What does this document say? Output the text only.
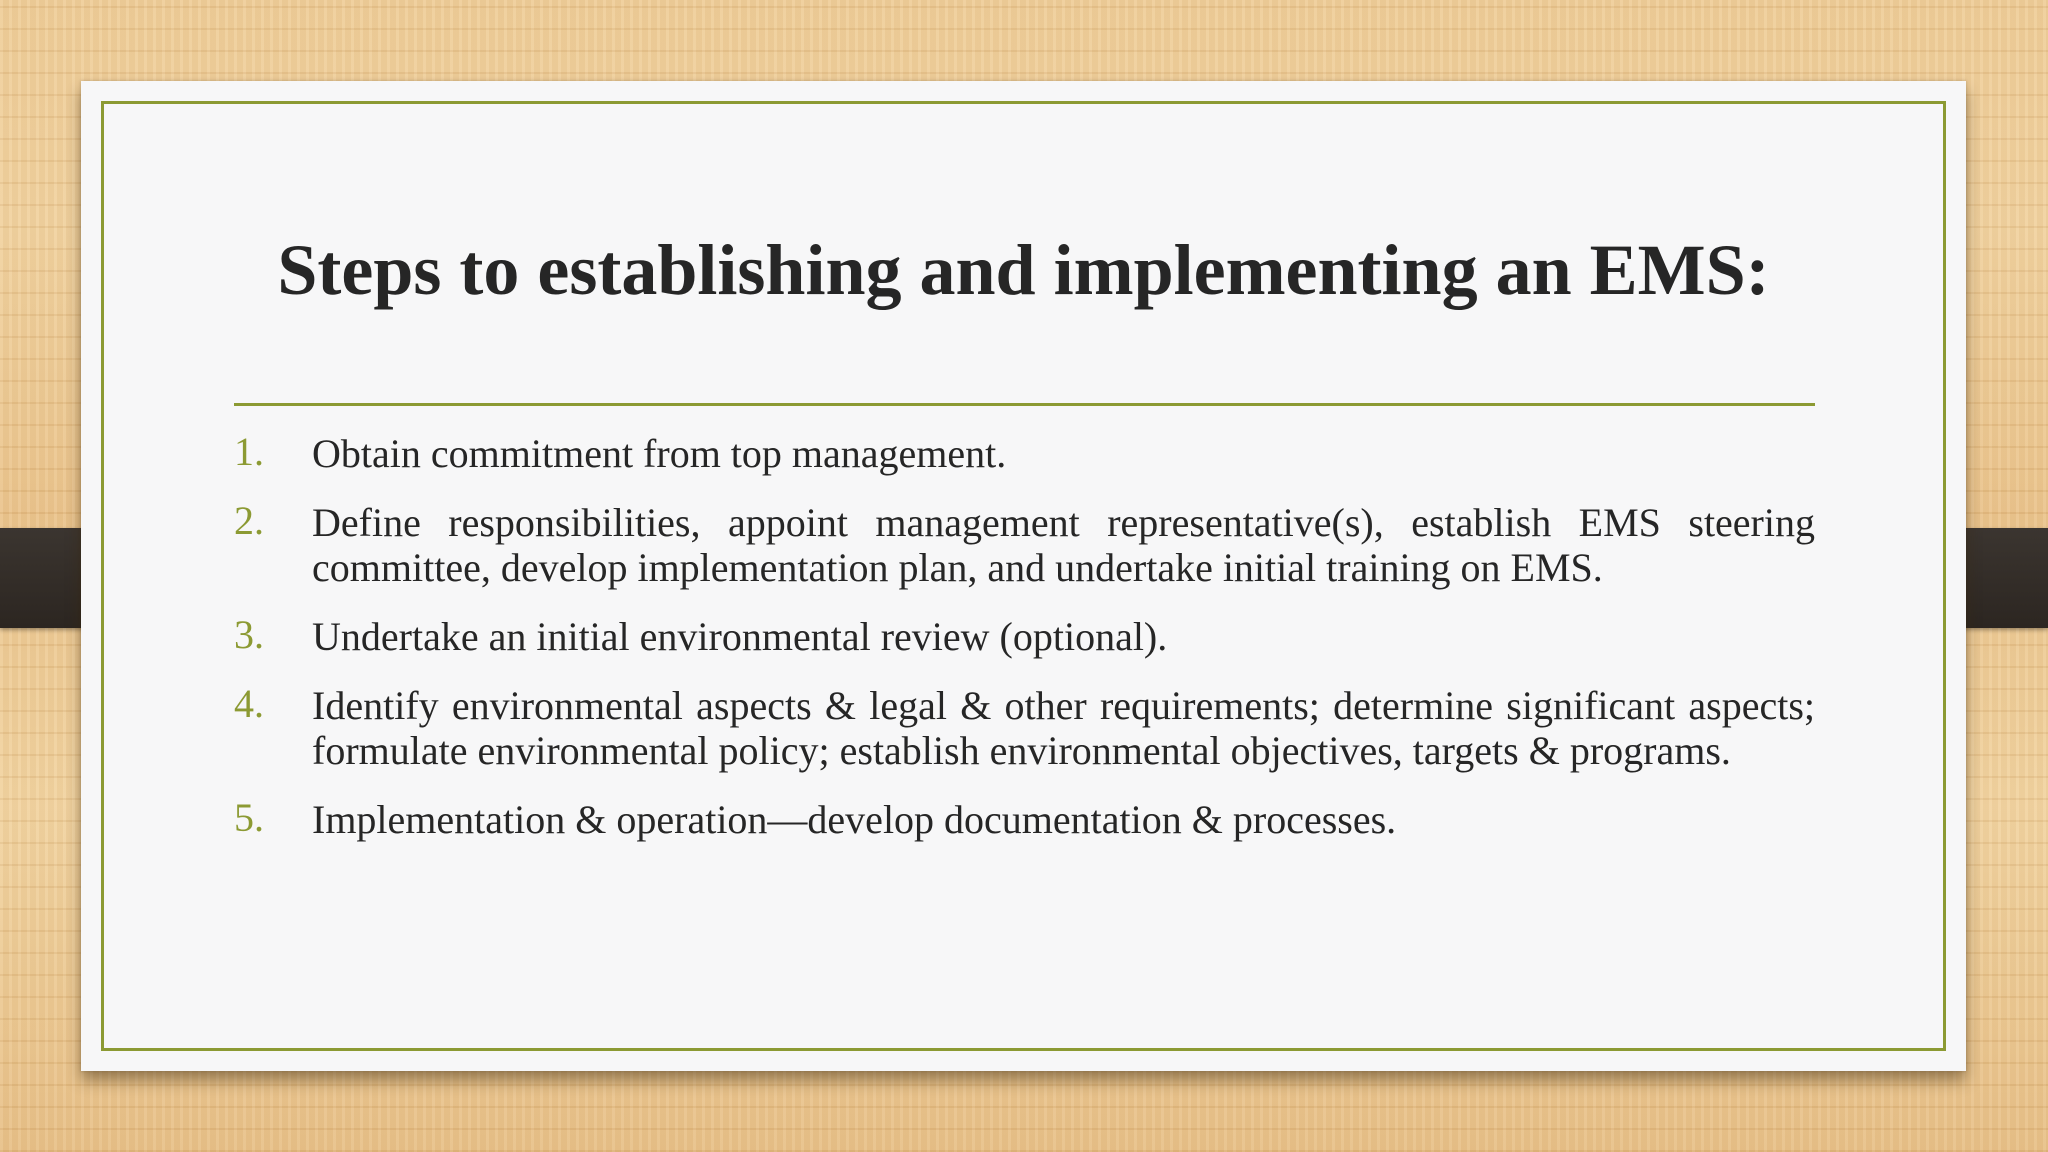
Steps to establishing and implementing an EMS:
1. Obtain commitment from top management.
2. Define responsibilities, appoint management representative(s), establish EMS steering committee, develop implementation plan, and undertake initial training on EMS.
3. Undertake an initial environmental review (optional).
4. Identify environmental aspects & legal & other requirements; determine significant aspects; formulate environmental policy; establish environmental objectives, targets & programs.
5. Implementation & operation—develop documentation & processes.
